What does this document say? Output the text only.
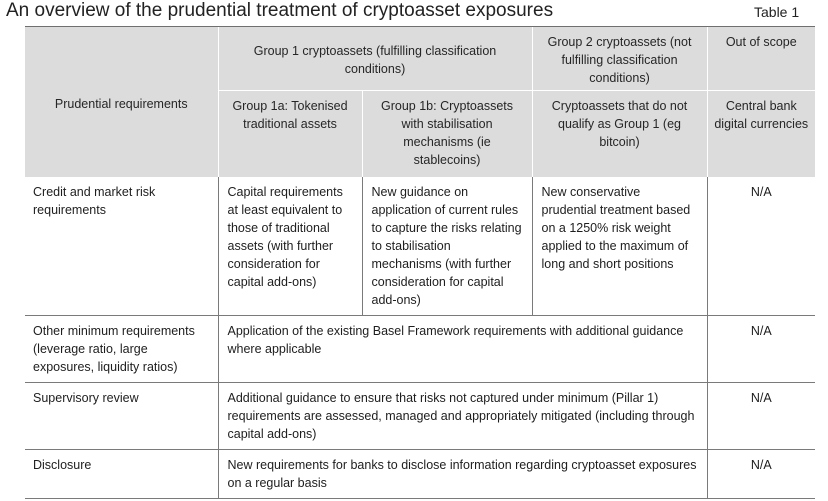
An overview of the prudential treatment of cryptoasset exposures	Table 1
Prudential requirements	Group 1 cryptoassets (fulfilling classification conditions)		Group 2 cryptoassets (not fulfilling classification conditions)	Out of scope
	Group 1a: Tokenised traditional assets	Group 1b: Cryptoassets with stabilisation mechanisms (ie stablecoins)	Cryptoassets that do not qualify as Group 1 (eg bitcoin)	Central bank digital currencies
Credit and market risk requirements	Capital requirements at least equivalent to those of traditional assets (with further consideration for capital add-ons)	New guidance on application of current rules to capture the risks relating to stabilisation mechanisms (with further consideration for capital add-ons)	New conservative prudential treatment based on a 1250% risk weight applied to the maximum of long and short positions	N/A
Other minimum requirements (leverage ratio, large exposures, liquidity ratios)	Application of the existing Basel Framework requirements with additional guidance where applicable			N/A
Supervisory review	Additional guidance to ensure that risks not captured under minimum (Pillar 1) requirements are assessed, managed and appropriately mitigated (including through capital add-ons)			N/A
Disclosure	New requirements for banks to disclose information regarding cryptoasset exposures on a regular basis			N/A
